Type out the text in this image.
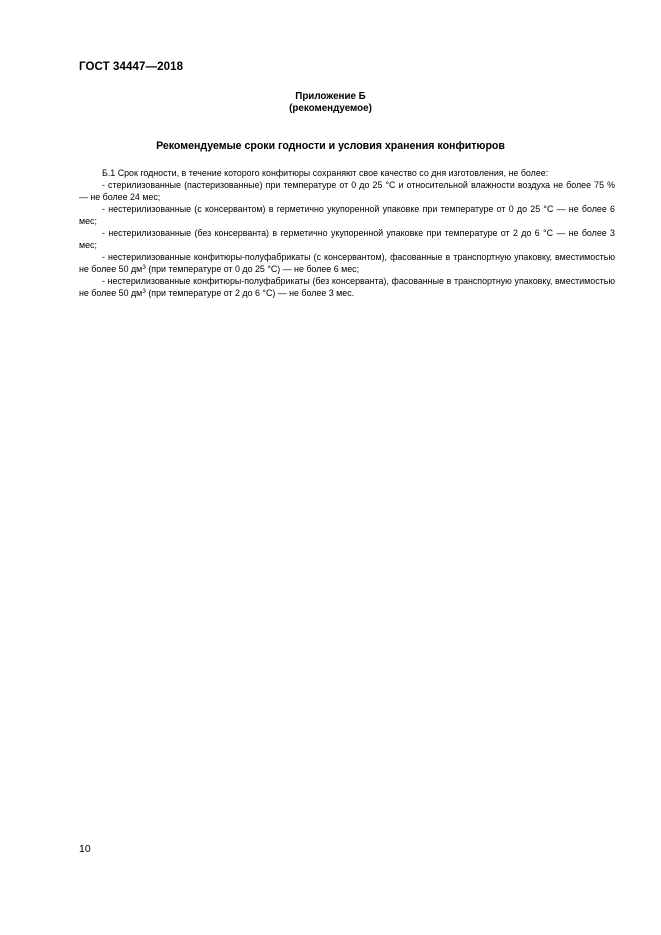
ГОСТ 34447—2018
Приложение Б
(рекомендуемое)
Рекомендуемые сроки годности и условия хранения конфитюров

Б.1 Срок годности, в течение которого конфитюры сохраняют свое качество со дня изготовления, не более:

- стерилизованные (пастеризованные) при температуре от 0 до 25 °С и относительной влажности воздуха не более 75 % — не более 24 мес;

- нестерилизованные (с консервантом) в герметично укупоренной упаковке при температуре от 0 до 25 °С — не более 6 мес;

- нестерилизованные (без консерванта) в герметично укупоренной упаковке при температуре от 2 до 6 °С — не более 3 мес;

- нестерилизованные конфитюры-полуфабрикаты (с консервантом), фасованные в транспортную упаковку, вместимостью не более 50 $дм^3$ (при температуре от 0 до 25 °С) — не более 6 мес;

- нестерилизованные конфитюры-полуфабрикаты (без консерванта), фасованные в транспортную упаковку, вместимостью не более 50 $дм^3$ (при температуре от 2 до 6 °С) — не более 3 мес.

10
